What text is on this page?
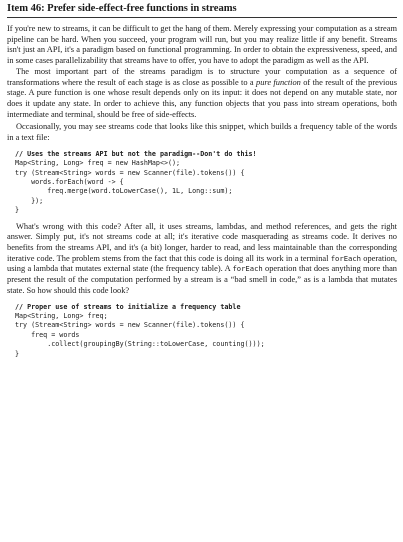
Item 46: Prefer side-effect-free functions in streams

If you're new to streams, it can be difficult to get the hang of them. Merely expressing your computation as a stream pipeline can be hard. When you succeed, your program will run, but you may realize little if any benefit. Streams isn't just an API, it's a paradigm based on functional programming. In order to obtain the expressiveness, speed, and in some cases parallelizability that streams have to offer, you have to adopt the paradigm as well as the API.

The most important part of the streams paradigm is to structure your computation as a sequence of transformations where the result of each stage is as close as possible to a pure function of the result of the previous stage. A pure function is one whose result depends only on its input: it does not depend on any mutable state, nor does it update any state. In order to achieve this, any function objects that you pass into stream operations, both intermediate and terminal, should be free of side-effects.

Occasionally, you may see streams code that looks like this snippet, which builds a frequency table of the words in a text file:

// Uses the streams API but not the paradigm--Don't do this!
Map<String, Long> freq = new HashMap<>();
try (Stream<String> words = new Scanner(file).tokens()) {
words.forEach(word -> {
freq.merge(word.toLowerCase(), 1L, Long::sum);
});
}

What's wrong with this code? After all, it uses streams, lambdas, and method references, and gets the right answer. Simply put, it's not streams code at all; it's iterative code masquerading as streams code. It derives no benefits from the streams API, and it's (a bit) longer, harder to read, and less maintainable than the corresponding iterative code. The problem stems from the fact that this code is doing all its work in a terminal forEach operation, using a lambda that mutates external state (the frequency table). A forEach operation that does anything more than present the result of the computation performed by a stream is a “bad smell in code,” as is a lambda that mutates state. So how should this code look?

// Proper use of streams to initialize a frequency table
Map<String, Long> freq;
try (Stream<String> words = new Scanner(file).tokens()) {
freq = words
.collect(groupingBy(String::toLowerCase, counting()));
}
